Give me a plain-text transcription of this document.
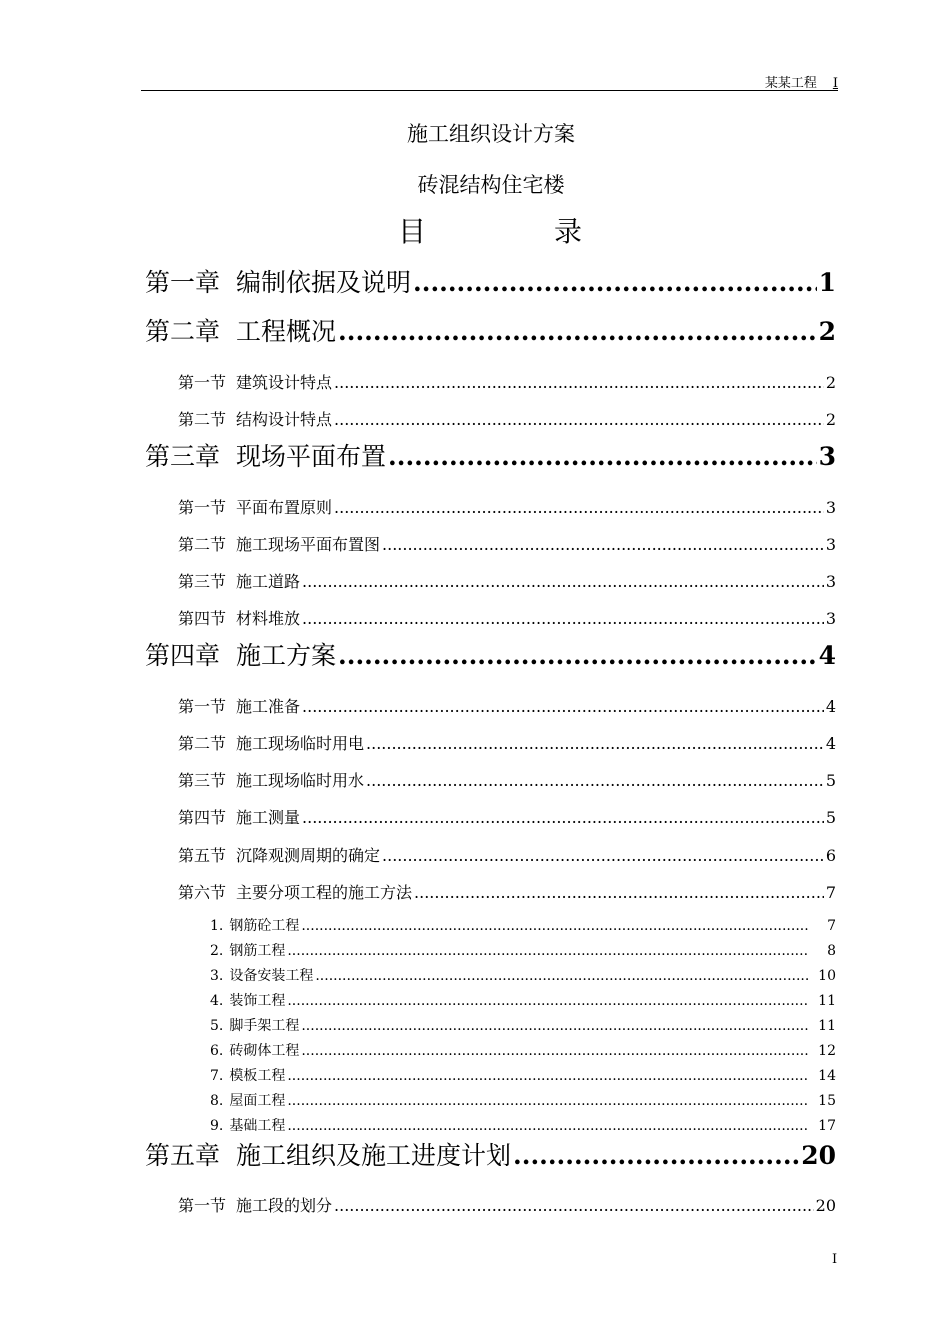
某某工程 I
施工组织设计方案
砖混结构住宅楼
目	录
第一章 编制依据及说明 .....	1
第二章 工程概况 .....	2
第一节 建筑设计特点 .....	2
第二节 结构设计特点 .....	2
第三章 现场平面布置 .....	3
第一节 平面布置原则 .....	3
第二节 施工现场平面布置图 .....	3
第三节 施工道路 .....	3
第四节 材料堆放 .....	3
第四章 施工方案 .....	4
第一节 施工准备 .....	4
第二节 施工现场临时用电 .....	4
第三节 施工现场临时用水 .....	5
第四节 施工测量 .....	5
第五节 沉降观测周期的确定 .....	6
第六节 主要分项工程的施工方法 .....	7
1. 钢筋砼工程 .....	7
2. 钢筋工程 .....	8
3. 设备安装工程 .....	10
4. 装饰工程 .....	11
5. 脚手架工程 .....	11
6. 砖砌体工程 .....	12
7. 模板工程 .....	14
8. 屋面工程 .....	15
9. 基础工程 .....	17
第五章 施工组织及施工进度计划 .....	20
第一节 施工段的划分 .....	20
I
